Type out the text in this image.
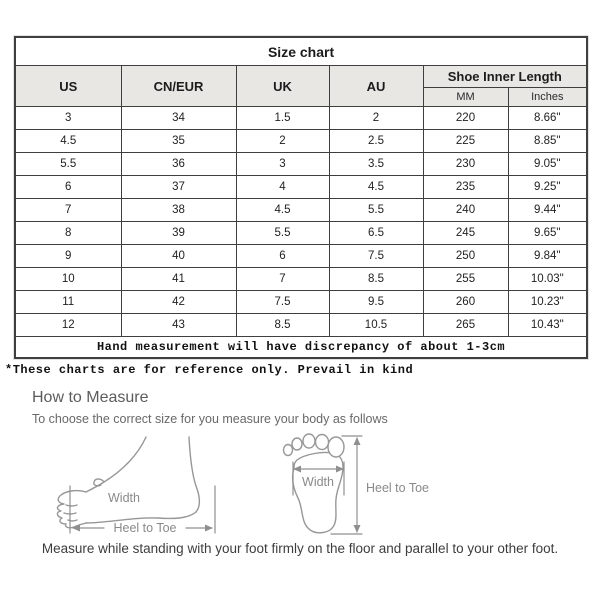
Size chart					
US	CN/EUR	UK	AU	Shoe Inner Length	
				MM	Inches
3	34	1.5	2	220	8.66"
4.5	35	2	2.5	225	8.85"
5.5	36	3	3.5	230	9.05"
6	37	4	4.5	235	9.25"
7	38	4.5	5.5	240	9.44"
8	39	5.5	6.5	245	9.65"
9	40	6	7.5	250	9.84"
10	41	7	8.5	255	10.03"
11	42	7.5	9.5	260	10.23"
12	43	8.5	10.5	265	10.43"
Hand measurement will have discrepancy of about 1-3cm					
*These charts are for reference only. Prevail in kind
How to Measure
To choose the correct size for you measure your body as follows
Width
Heel to Toe
Width	Heel to Toe
Measure while standing with your foot firmly on the floor and parallel to your other foot.
